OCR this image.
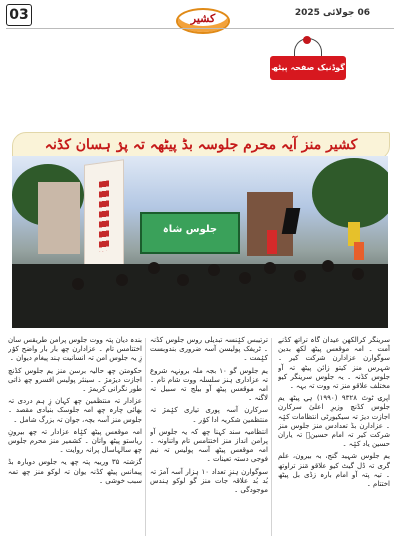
03	کشیر	06 جولائی 2025
گوڈنیک صفحہ پیٹھ ۔۔۔۔
کشیر منز آیہ محرم جلوسہ بڈ پیٹھہ تہ پرٛ ہسان کڈنہ
جلوس شاہ

سرینگر کرالکھن عیدان گاہ تراتھ کڈنے آمت ۔ امہ موقعس پیٹھ لکھ بدین سوگوارن عزادارن شرکت کیر ۔ شہرس منز کیتو زائن پیٹھ تہ آو جلوس کڈنہ ۔ یہ جلوس سرینگر کیو مختلف علاقو منز تہ ووت تہ بہہ ۔

اپرۍ ٹوٹ ۹۳۲۸ (۱۹۹۰) ہۍ پیٹھ یم جلوس کڈنچ وزیرِ اعلیٰ سرکارن اجازت دیژ تہ سیکیورٹی انتظامات کیٛہ ۔ عزادارن بڈ تعدادس منز جلوس منز شرکت کیر تہ امام حسینؑ تہ یاران حسین یاد کیٛہ ۔

یم جلوس شہید گنج، بہ بیرون، علم گری تہ ڈل گیٹ کیو علاقو مَنز تراوتھ ۔ تیہ پتہ آو امام بارہ زڈی بل پیٹھ اختتام ۔

ترتیبس کیٛنسہ تبدیلی روس جلوس کڈنہ ۔ ٹریفک پولیسن آسہ ضروری بندوبست کیٛمت ۔

یم جلوس گو ۱۰ بجہ ملہ برونہہ شروع تہ عزاداری ہنز سلسلہ ووت شام تام ۔ امہ موقعس پیٹھ آو بیلج تہ سبیل تہ لاگنہ ۔

سرکارن آسہ پوری تیاری کیٛمژ تہ منتظمین شکریہ ادا کوٛر ۔

انتظامیہ سند کہنا چھ کہ یہ جلوس آو پرامن انداز منز اختتامس تام واتناونہ ۔ امہ موقعس پیٹھ آسہ پولیس تہ نیم فوجی دستہ تعینات ۔

سوگوارن ہنزِ تعداد ۱۰ ہزار آسہ آمژ تہ بُد بُد علاقہ جات منز گو لوکو ہندس موجودگی ۔

بندہ دیان پتہ ووت جلوس پرامن طریقس سان اختتامس تام ۔ عزادارن چھ بار بار واضح کوٛر زِ یہ جلوس امن تہ انسانیت ہند پیغام دیوان ۔

حکومتن چھ حالیہ برسن منز یم جلوس کڈنچ اجازت دیژمژ ۔ سینئر پولیس افسرو چھ ذاتی طور نگرانی کریمژ ۔

عزادار تہ منتظمین چھ کہان زِ ہم دردی تہ بھائی چارہ چھ امہ جلوسک بنیادی مقصد ۔ جلوس منز آسہ بچہ، جوان تہ بزرگ شامل ۔

امہ موقعس پیٹھ کیٛاہ عزادار تہ چھ بیرونِ ریاستو پیٹھ واتان ۔ کشمیر منز محرم جلوس چھ سالہاسال پرانہ روایت ۔

گزشتہ ۳۵ ورییہ پتہ چھ یہ جلوس دوبارہ بڈ پیمانس پیٹھ کڈنہ یوان تہ لوکو منز چھ تمہ سبب خوشی ۔
